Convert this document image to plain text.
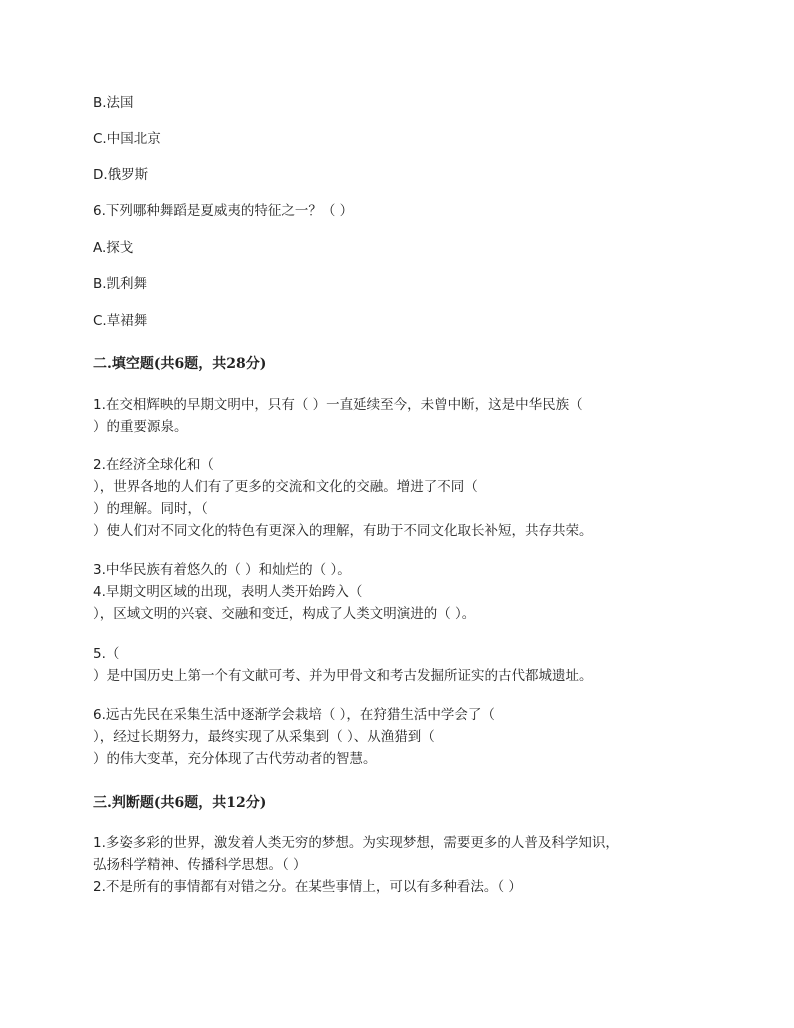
B.法国
C.中国北京
D.俄罗斯
6.下列哪种舞蹈是夏威夷的特征之一？（ ）
A.探戈
B.凯利舞
C.草裙舞
二.填空题(共6题，共28分)
1.在交相辉映的早期文明中，只有（ ）一直延续至今，未曾中断，这是中华民族（
）的重要源泉。
2.在经济全球化和（
），世界各地的人们有了更多的交流和文化的交融。增进了不同（
）的理解。同时，（
）使人们对不同文化的特色有更深入的理解，有助于不同文化取长补短，共存共荣。
3.中华民族有着悠久的（ ）和灿烂的（ ）。
4.早期文明区域的出现，表明人类开始跨入（
），区域文明的兴衰、交融和变迁，构成了人类文明演进的（ ）。
5.（
）是中国历史上第一个有文献可考、并为甲骨文和考古发掘所证实的古代都城遗址。
6.远古先民在采集生活中逐渐学会栽培（ ），在狩猎生活中学会了（
），经过长期努力，最终实现了从采集到（ ）、从渔猎到（
）的伟大变革，充分体现了古代劳动者的智慧。
三.判断题(共6题，共12分)
1.多姿多彩的世界，激发着人类无穷的梦想。为实现梦想，需要更多的人普及科学知识，
弘扬科学精神、传播科学思想。（ ）
2.不是所有的事情都有对错之分。在某些事情上，可以有多种看法。（ ）
